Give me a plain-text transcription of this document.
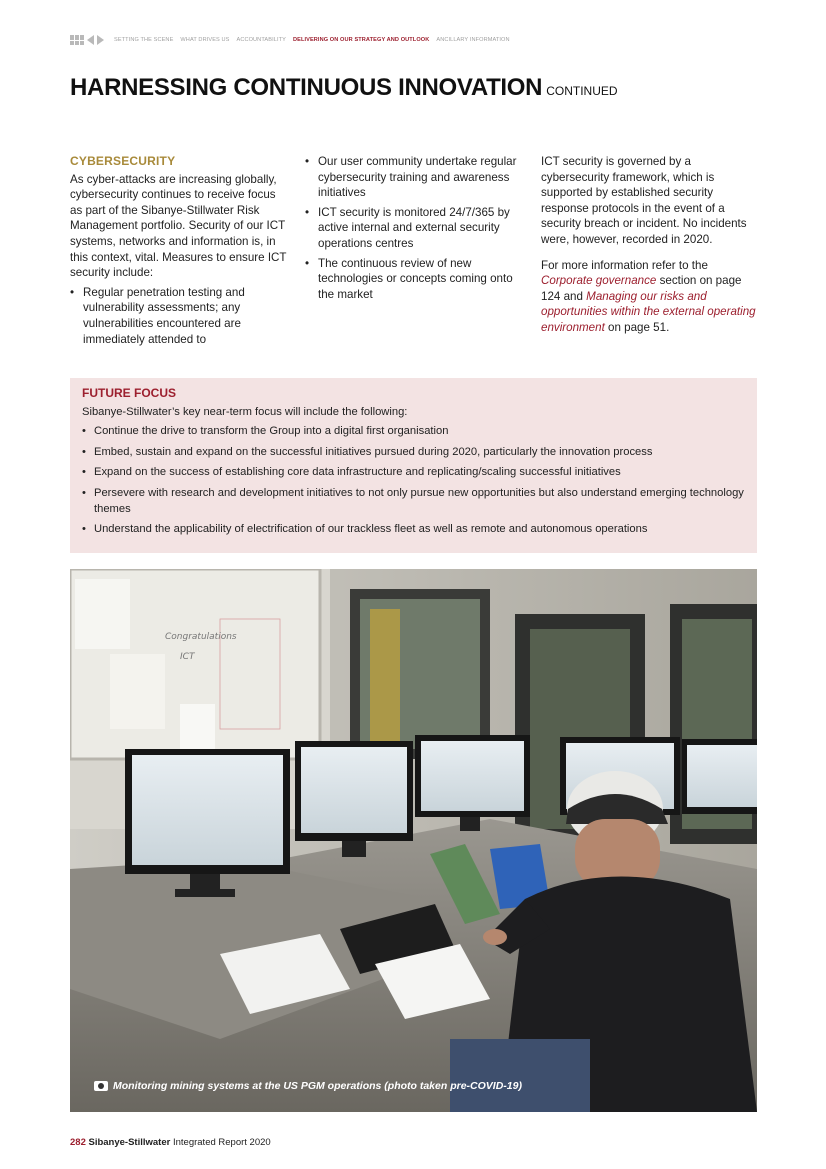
SETTING THE SCENE WHAT DRIVES US ACCOUNTABILITY DELIVERING ON OUR STRATEGY AND OUTLOOK ANCILLARY INFORMATION
HARNESSING CONTINUOUS INNOVATION CONTINUED
CYBERSECURITY

As cyber-attacks are increasing globally, cybersecurity continues to receive focus as part of the Sibanye-Stillwater Risk Management portfolio. Security of our ICT systems, networks and information is, in this context, vital. Measures to ensure ICT security include:

• Regular penetration testing and vulnerability assessments; any vulnerabilities encountered are immediately attended to
• Our user community undertake regular cybersecurity training and awareness initiatives
• ICT security is monitored 24/7/365 by active internal and external security operations centres
• The continuous review of new technologies or concepts coming onto the market

ICT security is governed by a cybersecurity framework, which is supported by established security response protocols in the event of a security breach or incident. No incidents were, however, recorded in 2020.

For more information refer to the Corporate governance section on page 124 and Managing our risks and opportunities within the external operating environment on page 51.

FUTURE FOCUS

Sibanye-Stillwater’s key near-term focus will include the following:

• Continue the drive to transform the Group into a digital first organisation
• Embed, sustain and expand on the successful initiatives pursued during 2020, particularly the innovation process
• Expand on the success of establishing core data infrastructure and replicating/scaling successful initiatives
• Persevere with research and development initiatives to not only pursue new opportunities but also understand emerging technology themes
• Understand the applicability of electrification of our trackless fleet as well as remote and autonomous operations
Congratulations
ICT
Monitoring mining systems at the US PGM operations (photo taken pre-COVID-19)
282 Sibanye-Stillwater Integrated Report 2020
